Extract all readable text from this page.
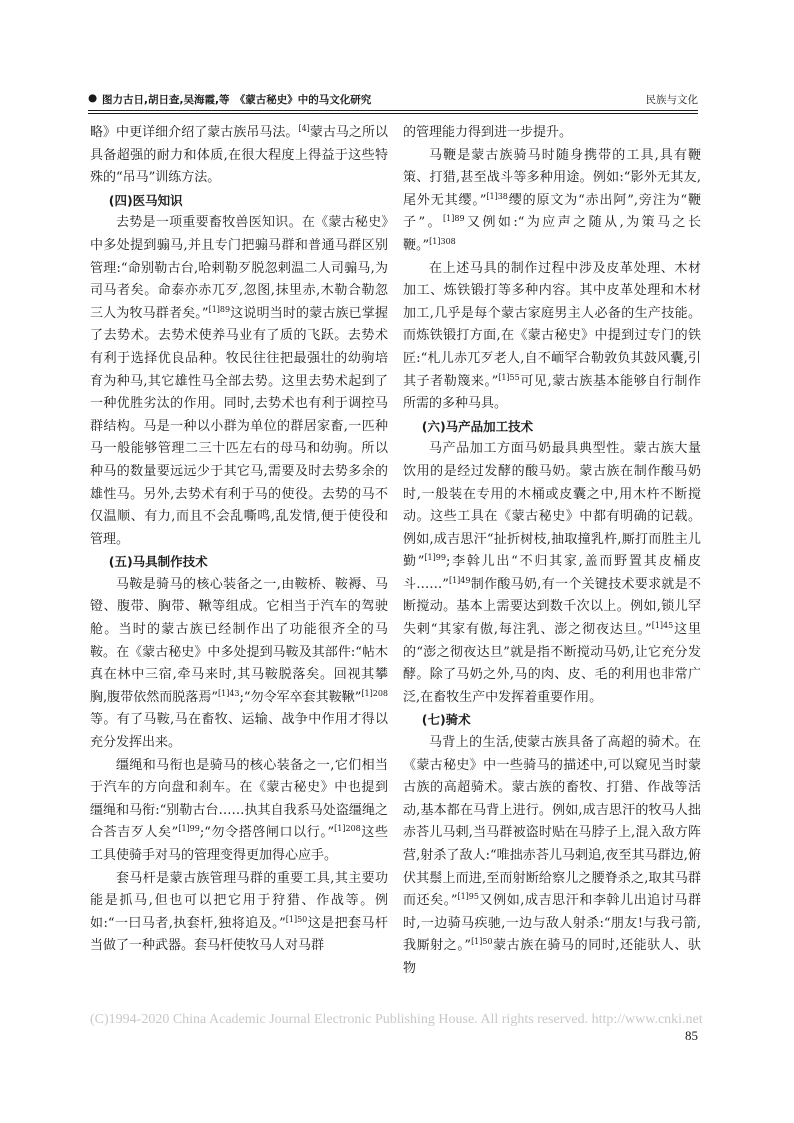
● 图力古日,胡日查,吴海霞,等　《蒙古秘史》中的马文化研究	民族与文化

略》中更详细介绍了蒙古族吊马法。[4]蒙古马之所以具备超强的耐力和体质,在很大程度上得益于这些特殊的“吊马”训练方法。

(四)医马知识

去势是一项重要畜牧兽医知识。在《蒙古秘史》中多处提到骟马,并且专门把骟马群和普通马群区别管理:“命别勒古台,哈剌勒歹脱忽剌温二人司骟马,为司马者矣。命泰亦赤兀歹,忽图,抹里赤,木勒合勒忽三人为牧马群者矣。”$^{[1]89}$这说明当时的蒙古族已掌握了去势术。去势术使养马业有了质的飞跃。去势术有利于选择优良品种。牧民往往把最强壮的幼驹培育为种马,其它雄性马全部去势。这里去势术起到了一种优胜劣汰的作用。同时,去势术也有利于调控马群结构。马是一种以小群为单位的群居家畜,一匹种马一般能够管理二三十匹左右的母马和幼驹。所以种马的数量要远远少于其它马,需要及时去势多余的雄性马。另外,去势术有利于马的使役。去势的马不仅温顺、有力,而且不会乱嘶鸣,乱发情,便于使役和管理。

(五)马具制作技术

马鞍是骑马的核心装备之一,由鞍桥、鞍褥、马镫、腹带、胸带、鞦等组成。它相当于汽车的驾驶舱。当时的蒙古族已经制作出了功能很齐全的马鞍。在《蒙古秘史》中多处提到马鞍及其部件:“帖木真在林中三宿,牵马来时,其马鞍脱落矣。回视其攀胸,腹带依然而脱落焉”$^{[1]43}$;“勿令军卒套其鞍鞦”$^{[1]208}$等。有了马鞍,马在畜牧、运输、战争中作用才得以充分发挥出来。

缰绳和马衔也是骑马的核心装备之一,它们相当于汽车的方向盘和刹车。在《蒙古秘史》中也提到缰绳和马衔:“别勒古台……执其自我系马处盗缰绳之合荅吉歹人矣”$^{[1]99}$;“勿令搭啓闸口以行。”$^{[1]208}$这些工具使骑手对马的管理变得更加得心应手。

套马杆是蒙古族管理马群的重要工具,其主要功能是抓马,但也可以把它用于狩猎、作战等。例如:“一曰马者,执套杆,独将追及。”$^{[1]50}$这是把套马杆当做了一种武器。套马杆使牧马人对马群

的管理能力得到进一步提升。

马鞭是蒙古族骑马时随身携带的工具,具有鞭策、打猎,甚至战斗等多种用途。例如:“影外无其友,尾外无其缨。”$^{[1]38}$缨的原文为“赤出阿”,旁注为“鞭子”。$^{[1]89}$又例如:“为应声之随从,为策马之长鞭。”$^{[1]308}$

在上述马具的制作过程中涉及皮革处理、木材加工、炼铁锻打等多种内容。其中皮革处理和木材加工,几乎是每个蒙古家庭男主人必备的生产技能。而炼铁锻打方面,在《蒙古秘史》中提到过专门的铁匠:“札儿赤兀歹老人,自不峏罕合勒敦负其鼓风囊,引其子者勒篾来。”$^{[1]55}$可见,蒙古族基本能够自行制作所需的多种马具。

(六)马产品加工技术

马产品加工方面马奶最具典型性。蒙古族大量饮用的是经过发酵的酸马奶。蒙古族在制作酸马奶时,一般装在专用的木桶或皮囊之中,用木杵不断搅动。这些工具在《蒙古秘史》中都有明确的记载。例如,成吉思汗“扯折树枝,抽取撞乳杵,厮打而胜主儿勤”$^{[1]99}$;李斡儿出“不归其家,盖而野置其皮桶皮斗……”$^{[1]49}$制作酸马奶,有一个关键技术要求就是不断搅动。基本上需要达到数千次以上。例如,锁儿罕失剌“其家有傲,每注乳、澎之彻夜达旦。”$^{[1]45}$这里的“澎之彻夜达旦”就是指不断搅动马奶,让它充分发酵。除了马奶之外,马的肉、皮、毛的利用也非常广泛,在畜牧生产中发挥着重要作用。

(七)骑术

马背上的生活,使蒙古族具备了高超的骑术。在《蒙古秘史》中一些骑马的描述中,可以窥见当时蒙古族的高超骑术。蒙古族的畜牧、打猎、作战等活动,基本都在马背上进行。例如,成吉思汗的牧马人拙赤荅儿马剌,当马群被盗时贴在马脖子上,混入敌方阵营,射杀了敌人:“唯拙赤荅儿马剌追,夜至其马群边,俯伏其鬃上而进,至而射断给察儿之腰脊杀之,取其马群而还矣。”$^{[1]95}$又例如,成吉思汗和李斡儿出追讨马群时,一边骑马疾驰,一边与敌人射杀:“朋友!与我弓箭,我厮射之。”$^{[1]50}$蒙古族在骑马的同时,还能驮人、驮物

(C)1994-2020 China Academic Journal Electronic Publishing House. All rights reserved. http://www.cnki.net
85
